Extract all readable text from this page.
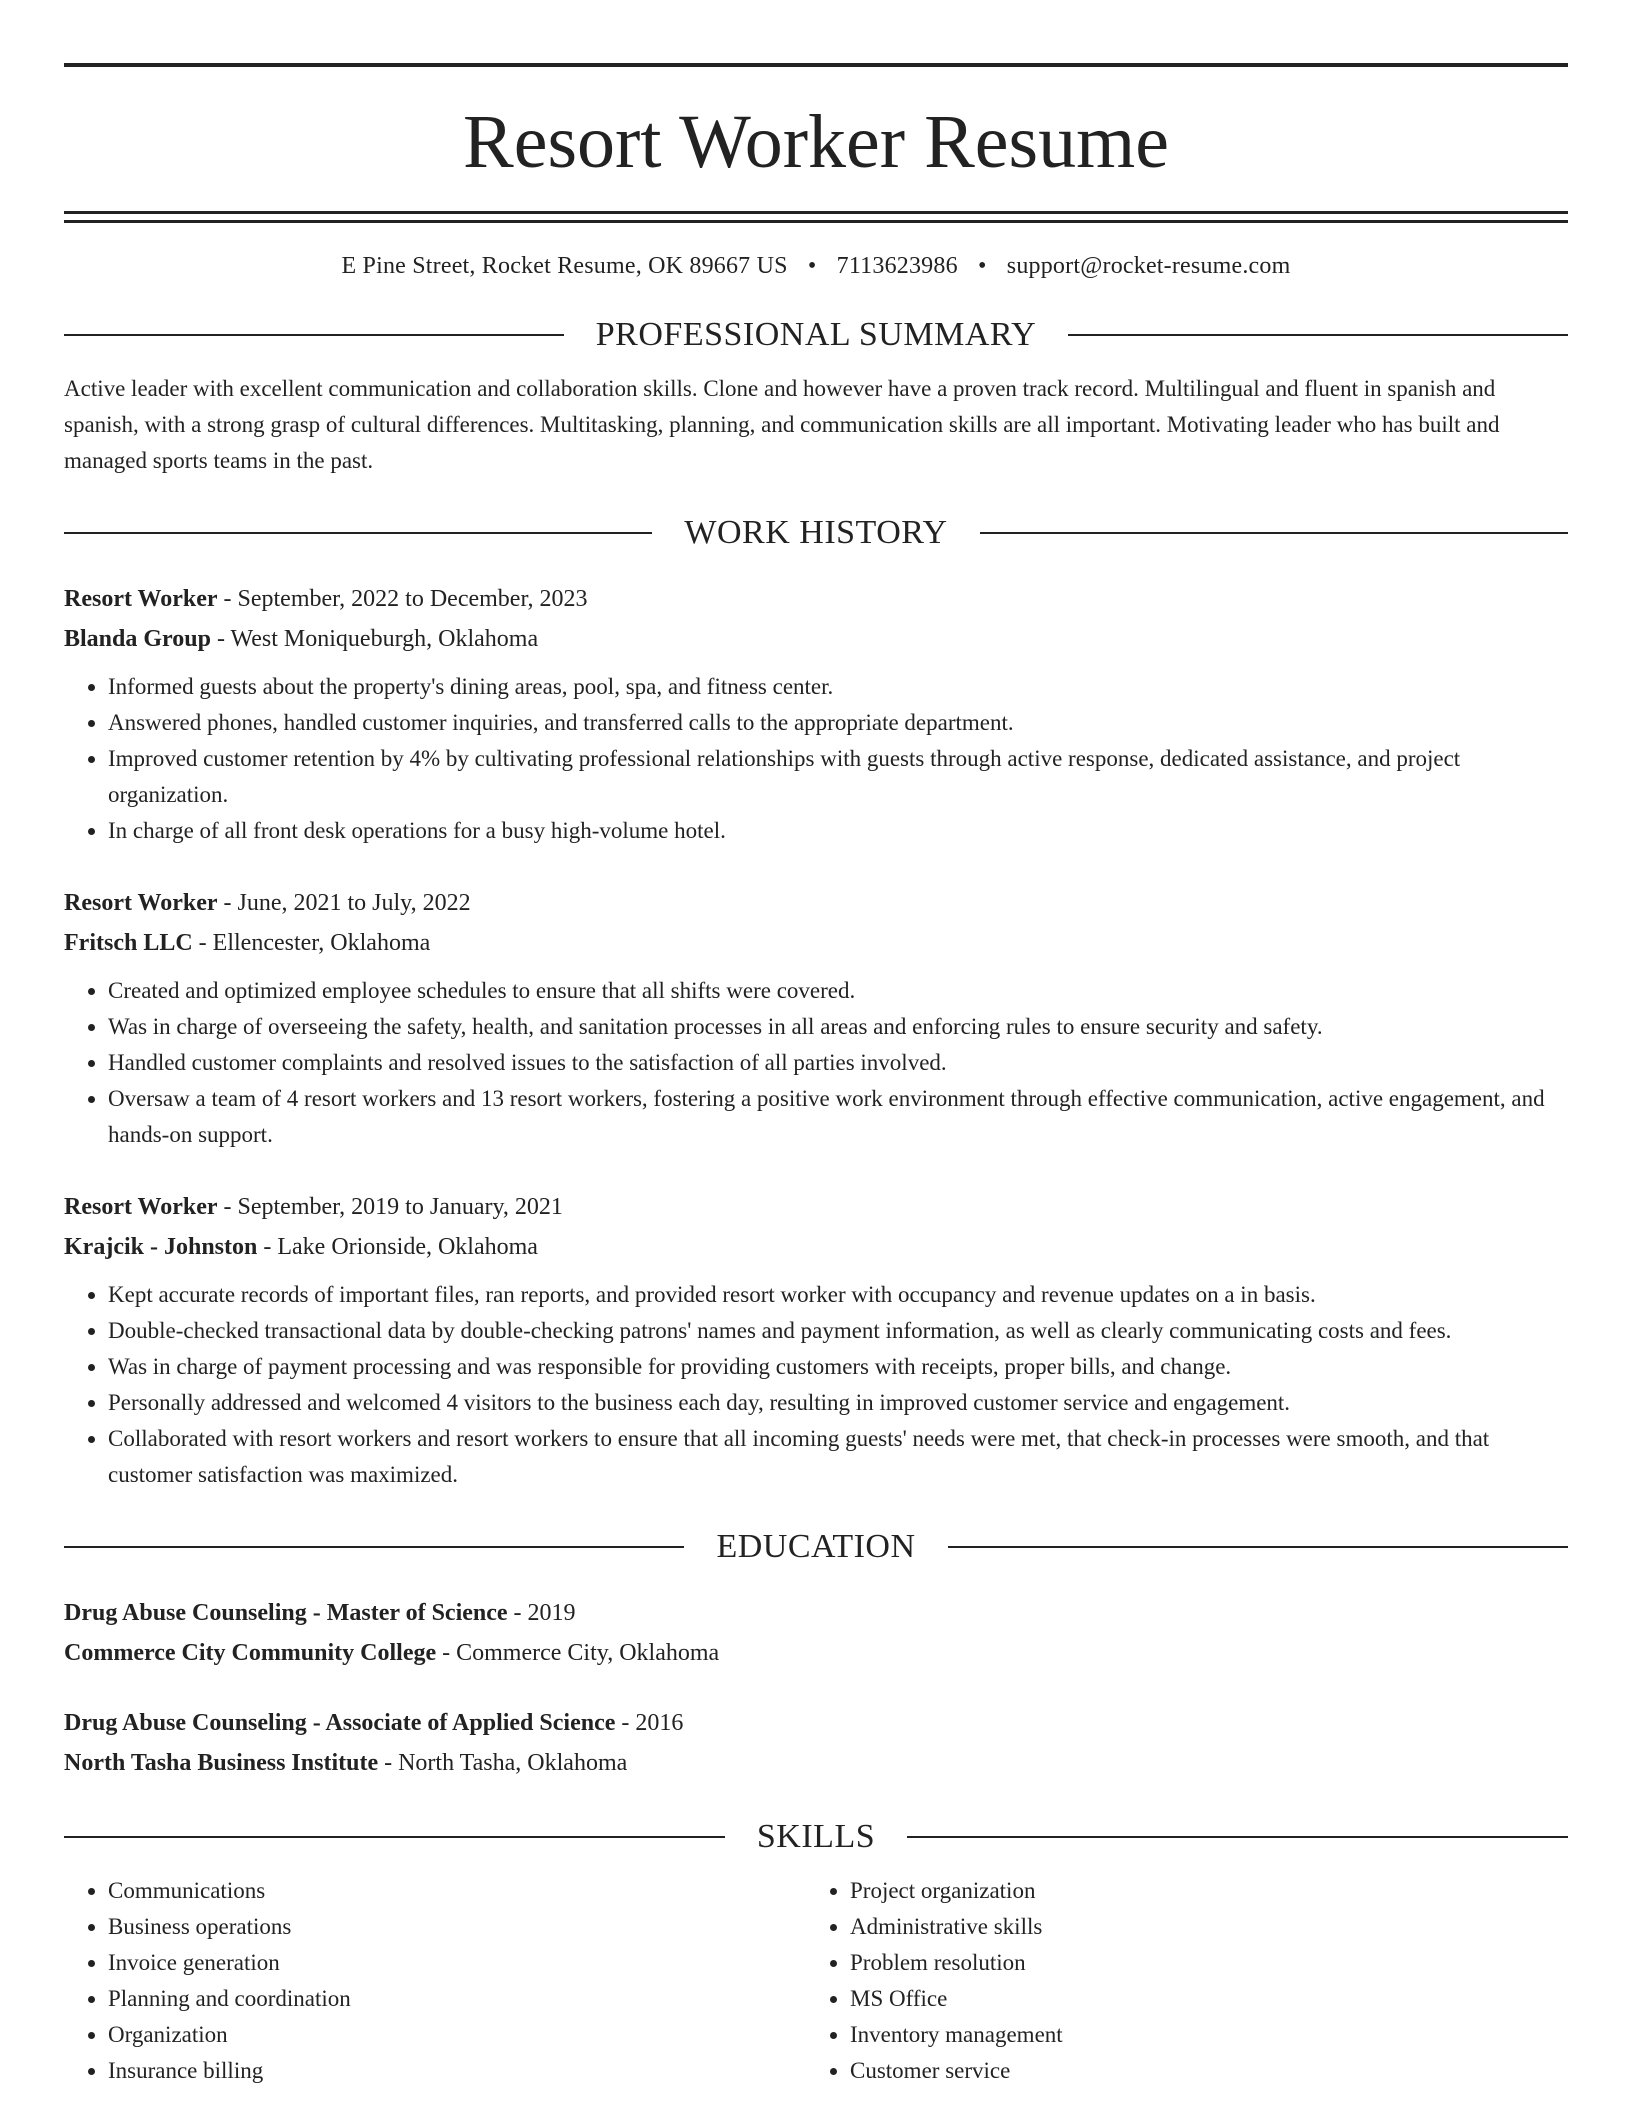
Resort Worker Resume
E Pine Street, Rocket Resume, OK 89667 US • 7113623986 • support@rocket-resume.com
PROFESSIONAL SUMMARY
Active leader with excellent communication and collaboration skills. Clone and however have a proven track record. Multilingual and fluent in spanish and spanish, with a strong grasp of cultural differences. Multitasking, planning, and communication skills are all important. Motivating leader who has built and managed sports teams in the past.
WORK HISTORY
Resort Worker - September, 2022 to December, 2023
Blanda Group - West Moniqueburgh, Oklahoma
• Informed guests about the property's dining areas, pool, spa, and fitness center.
• Answered phones, handled customer inquiries, and transferred calls to the appropriate department.
• Improved customer retention by 4% by cultivating professional relationships with guests through active response, dedicated assistance, and project organization.
• In charge of all front desk operations for a busy high-volume hotel.
Resort Worker - June, 2021 to July, 2022
Fritsch LLC - Ellencester, Oklahoma
• Created and optimized employee schedules to ensure that all shifts were covered.
• Was in charge of overseeing the safety, health, and sanitation processes in all areas and enforcing rules to ensure security and safety.
• Handled customer complaints and resolved issues to the satisfaction of all parties involved.
• Oversaw a team of 4 resort workers and 13 resort workers, fostering a positive work environment through effective communication, active engagement, and hands-on support.
Resort Worker - September, 2019 to January, 2021
Krajcik - Johnston - Lake Orionside, Oklahoma
• Kept accurate records of important files, ran reports, and provided resort worker with occupancy and revenue updates on a in basis.
• Double-checked transactional data by double-checking patrons' names and payment information, as well as clearly communicating costs and fees.
• Was in charge of payment processing and was responsible for providing customers with receipts, proper bills, and change.
• Personally addressed and welcomed 4 visitors to the business each day, resulting in improved customer service and engagement.
• Collaborated with resort workers and resort workers to ensure that all incoming guests' needs were met, that check-in processes were smooth, and that customer satisfaction was maximized.
EDUCATION
Drug Abuse Counseling - Master of Science - 2019
Commerce City Community College - Commerce City, Oklahoma
Drug Abuse Counseling - Associate of Applied Science - 2016
North Tasha Business Institute - North Tasha, Oklahoma
SKILLS
• Communications
• Business operations
• Invoice generation
• Planning and coordination
• Organization
• Insurance billing
• Project organization
• Administrative skills
• Problem resolution
• MS Office
• Inventory management
• Customer service
